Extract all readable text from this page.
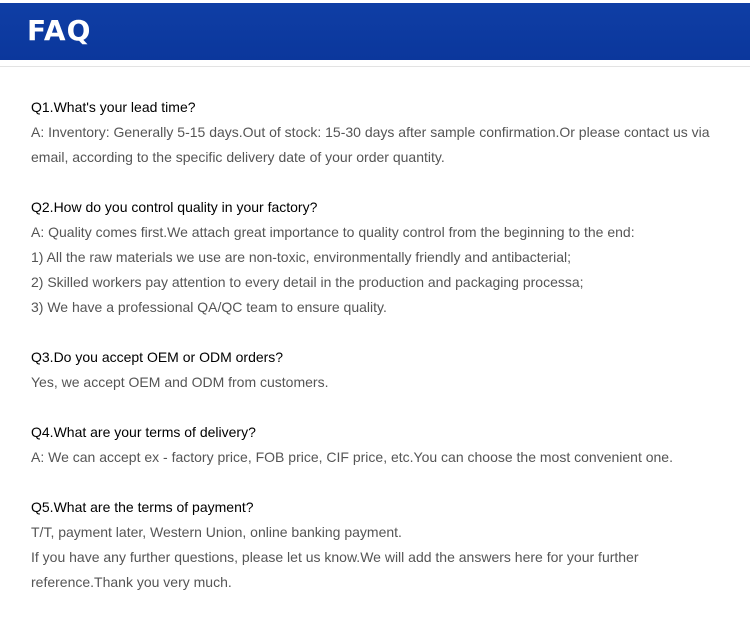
FAQ
Q1.What's your lead time?
A: Inventory: Generally 5-15 days.Out of stock: 15-30 days after sample confirmation.Or please contact us via
email, according to the specific delivery date of your order quantity.
Q2.How do you control quality in your factory?
A: Quality comes first.We attach great importance to quality control from the beginning to the end:
1) All the raw materials we use are non-toxic, environmentally friendly and antibacterial;
2) Skilled workers pay attention to every detail in the production and packaging processa;
3) We have a professional QA/QC team to ensure quality.
Q3.Do you accept OEM or ODM orders?
Yes, we accept OEM and ODM from customers.
Q4.What are your terms of delivery?
A: We can accept ex - factory price, FOB price, CIF price, etc.You can choose the most convenient one.
Q5.What are the terms of payment?
T/T, payment later, Western Union, online banking payment.
If you have any further questions, please let us know.We will add the answers here for your further
reference.Thank you very much.
